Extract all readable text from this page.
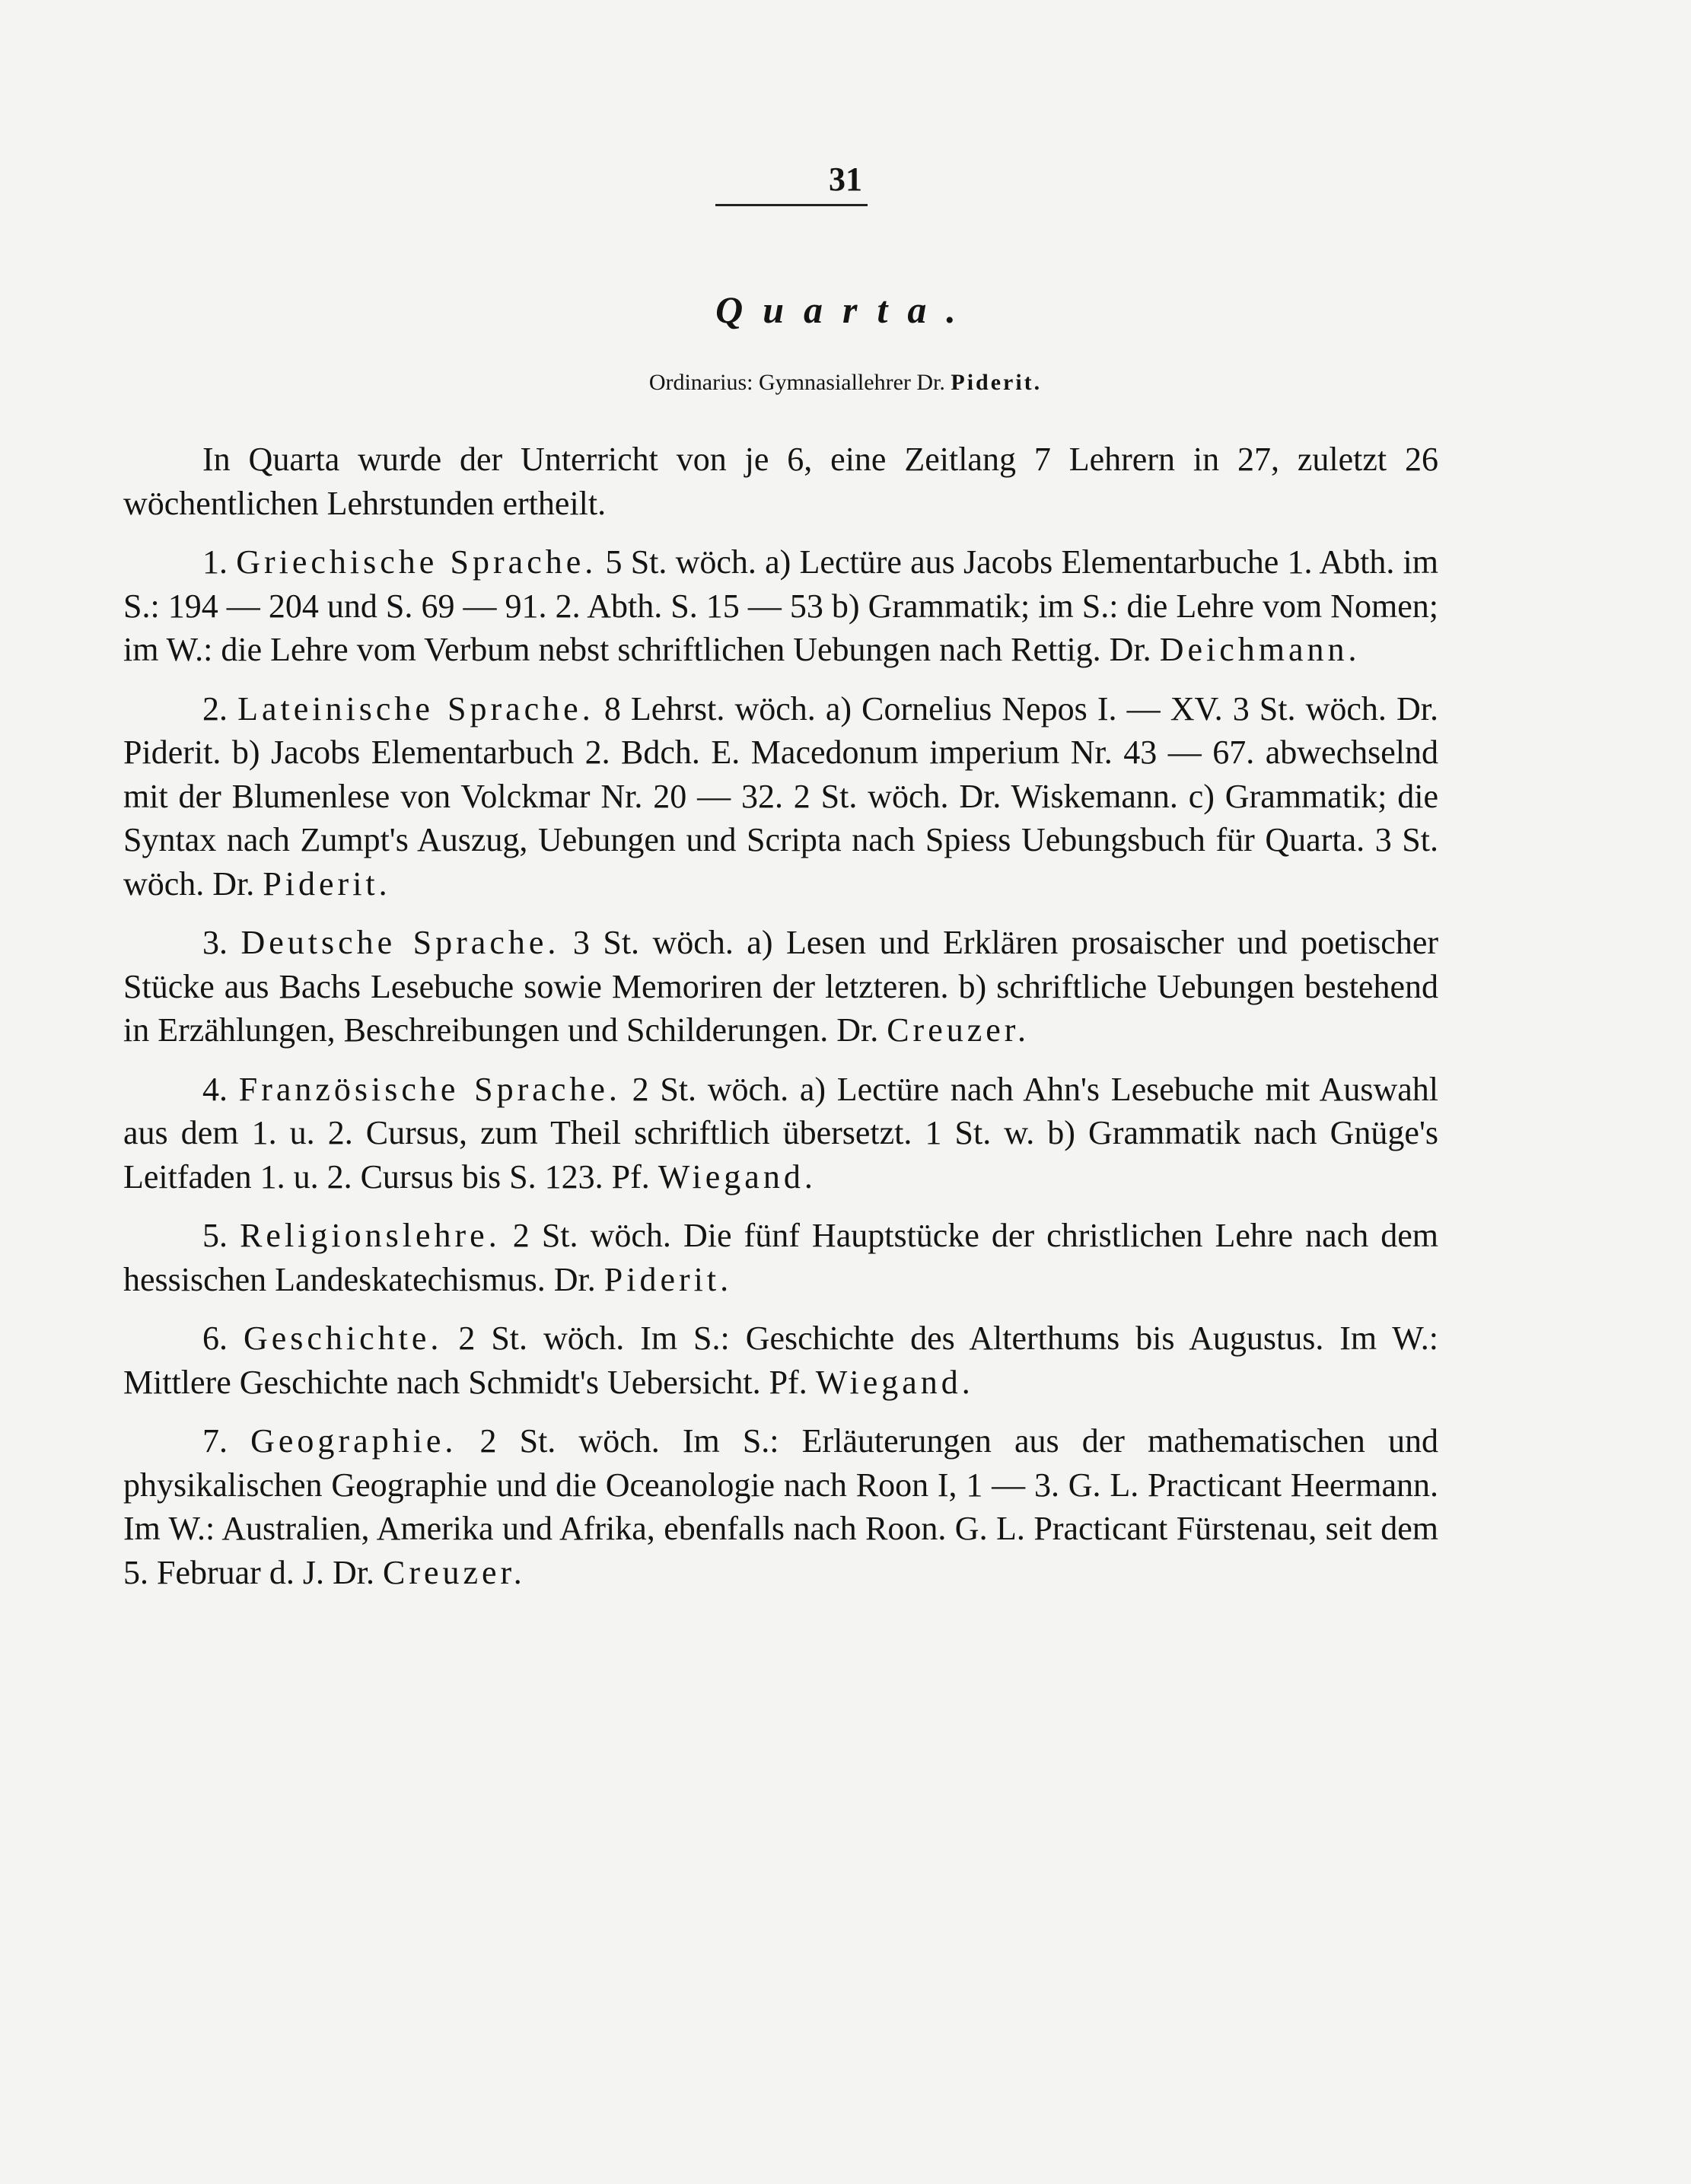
31
Quarta.
Ordinarius: Gymnasiallehrer Dr. Piderit.

In Quarta wurde der Unterricht von je 6, eine Zeitlang 7 Lehrern in 27, zuletzt 26 wöchentlichen Lehrstunden ertheilt.

1. Griechische Sprache. 5 St. wöch. a) Lectüre aus Jacobs Elementarbuche 1. Abth. im S.: 194 — 204 und S. 69 — 91. 2. Abth. S. 15 — 53 b) Grammatik; im S.: die Lehre vom Nomen; im W.: die Lehre vom Verbum nebst schriftlichen Uebungen nach Rettig. Dr. Deichmann.

2. Lateinische Sprache. 8 Lehrst. wöch. a) Cornelius Nepos I. — XV. 3 St. wöch. Dr. Piderit. b) Jacobs Elementarbuch 2. Bdch. E. Macedonum imperium Nr. 43 — 67. abwechselnd mit der Blumenlese von Volckmar Nr. 20 — 32. 2 St. wöch. Dr. Wiskemann. c) Grammatik; die Syntax nach Zumpt's Auszug, Uebungen und Scripta nach Spiess Uebungsbuch für Quarta. 3 St. wöch. Dr. Piderit.

3. Deutsche Sprache. 3 St. wöch. a) Lesen und Erklären prosaischer und poetischer Stücke aus Bachs Lesebuche sowie Memoriren der letzteren. b) schriftliche Uebungen bestehend in Erzählungen, Beschreibungen und Schilderungen. Dr. Creuzer.

4. Französische Sprache. 2 St. wöch. a) Lectüre nach Ahn's Lesebuche mit Auswahl aus dem 1. u. 2. Cursus, zum Theil schriftlich übersetzt. 1 St. w. b) Grammatik nach Gnüge's Leitfaden 1. u. 2. Cursus bis S. 123. Pf. Wiegand.

5. Religionslehre. 2 St. wöch. Die fünf Hauptstücke der christlichen Lehre nach dem hessischen Landeskatechismus. Dr. Piderit.

6. Geschichte. 2 St. wöch. Im S.: Geschichte des Alterthums bis Augustus. Im W.: Mittlere Geschichte nach Schmidt's Uebersicht. Pf. Wiegand.

7. Geographie. 2 St. wöch. Im S.: Erläuterungen aus der mathematischen und physikalischen Geographie und die Oceanologie nach Roon I, 1 — 3. G. L. Practicant Heermann. Im W.: Australien, Amerika und Afrika, ebenfalls nach Roon. G. L. Practicant Fürstenau, seit dem 5. Februar d. J. Dr. Creuzer.
